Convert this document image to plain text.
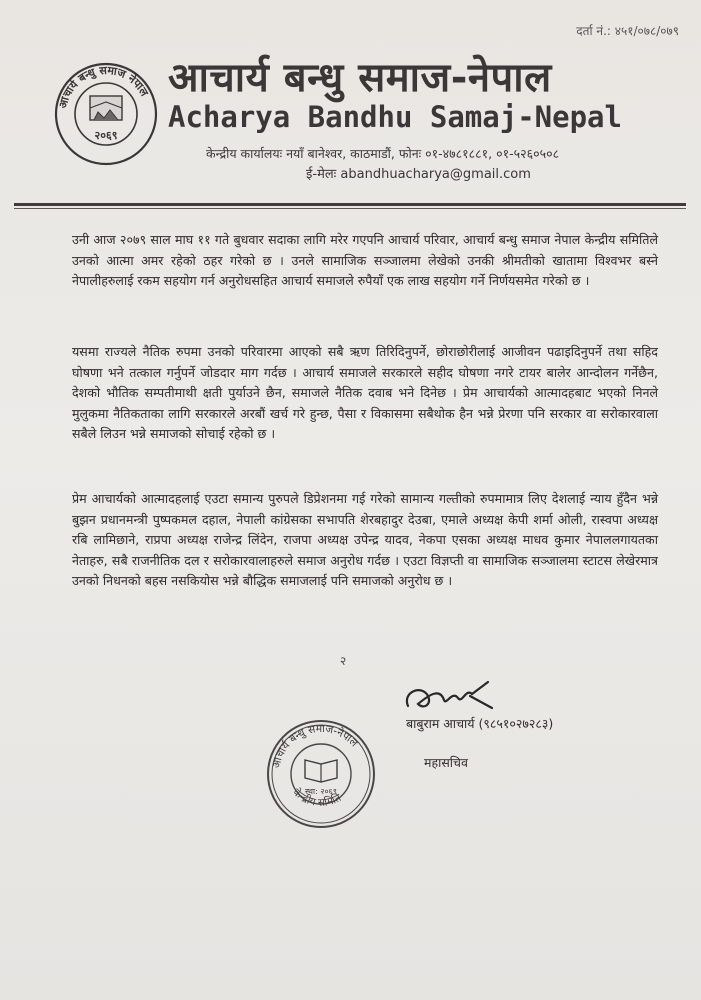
दर्ता नं.: ४५१/०७८/०७९
आचार्य बन्धु समाज नेपाल
२०६९
आचार्य बन्धु समाज-नेपाल
Acharya Bandhu Samaj-Nepal
केन्द्रीय कार्यालयः नयाँ बानेश्वर, काठमाडौं, फोनः ०१-४७८१८८१, ०१-५२६०५०८
ई-मेलः abandhuacharya@gmail.com

उनी आज २०७९ साल माघ ११ गते बुधवार सदाका लागि मरेर गएपनि आचार्य परिवार, आचार्य बन्धु समाज नेपाल केन्द्रीय समितिले उनको आत्मा अमर रहेको ठहर गरेको छ । उनले सामाजिक सञ्जालमा लेखेको उनकी श्रीमतीको खातामा विश्वभर बस्ने नेपालीहरुलाई रकम सहयोग गर्न अनुरोधसहित आचार्य समाजले रुपैयाँ एक लाख सहयोग गर्ने निर्णयसमेत गरेको छ ।

यसमा राज्यले नैतिक रुपमा उनको परिवारमा आएको सबै ऋण तिरिदिनुपर्ने, छोराछोरीलाई आजीवन पढाइदिनुपर्ने तथा सहिद घोषणा भने तत्काल गर्नुपर्ने जोडदार माग गर्दछ । आचार्य समाजले सरकारले सहीद घोषणा नगरे टायर बालेर आन्दोलन गर्नेछैन, देशको भौतिक सम्पतीमाथी क्षती पुर्याउने छैन, समाजले नैतिक दवाब भने दिनेछ । प्रेम आचार्यको आत्मादहबाट भएको निनले मुलुकमा नैतिकताका लागि सरकारले अरबौं खर्च गरे हुन्छ, पैसा र विकासमा सबैथोक हैन भन्ने प्रेरणा पनि सरकार वा सरोकारवाला सबैले लिउन भन्ने समाजको सोचाई रहेको छ ।

प्रेम आचार्यको आत्मादहलाई एउटा समान्य पुरुपले डिप्रेशनमा गई गरेको सामान्य गल्तीको रुपमामात्र लिए देशलाई न्याय हुँदैन भन्ने बुझन प्रधानमन्त्री पुष्पकमल दहाल, नेपाली कांग्रेसका सभापति शेरबहादुर देउबा, एमाले अध्यक्ष केपी शर्मा ओली, रास्वपा अध्यक्ष रबि लामिछाने, राप्रपा अध्यक्ष राजेन्द्र लिंदेन, राजपा अध्यक्ष उपेन्द्र यादव, नेकपा एसका अध्यक्ष माधव कुमार नेपाललगायतका नेताहरु, सबै राजनीतिक दल र सरोकारवालाहरुले समाज अनुरोध गर्दछ । एउटा विज्ञप्ती वा सामाजिक सञ्जालमा स्टाटस लेखेरमात्र उनको निधनको बहस नसकियोस भन्ने बौद्धिक समाजलाई पनि समाजको अनुरोध छ ।

२
बाबुराम आचार्य (९८५१०२७२८३)
महासचिव
आचार्य बन्धु समाज-नेपाल
केन्द्रीय समिति
स्था: २०६९
